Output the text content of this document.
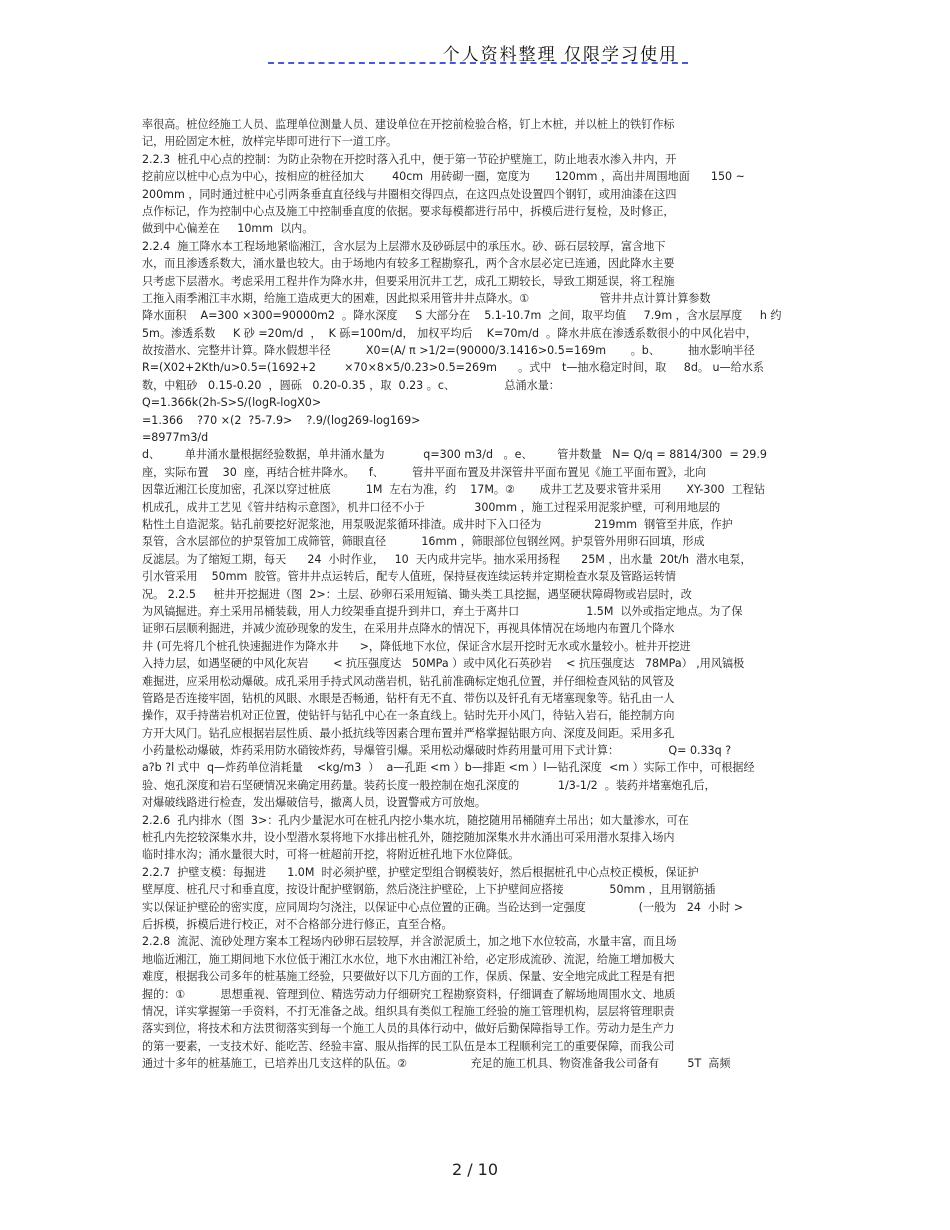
个人资料整理 仅限学习使用
率很高。桩位经施工人员、监理单位测量人员、建设单位在开挖前检验合格，钉上木桩，并以桩上的铁钉作标
记，用砼固定木桩，放样完毕即可进行下一道工序。
2.2.3  桩孔中心点的控制：为防止杂物在开挖时落入孔中，便于第一节砼护壁施工，防止地表水渗入井内，开
挖前应以桩中心点为中心，按相应的桩径加大        40cm  用砖砌一圈，宽度为       120mm ，高出井周围地面      150 ~
200mm ，同时通过桩中心引两条垂直直径线与井圈相交得四点，在这四点处设置四个钢钉，或用油漆在这四
点作标记，作为控制中心点及施工中控制垂直度的依据。要求每模都进行吊中，拆模后进行复检，及时修正，
做到中心偏差在     10mm  以内。
2.2.4  施工降水本工程场地紧临湘江，含水层为上层滞水及砂砾层中的承压水。砂、砾石层较厚，富含地下
水，而且渗透系数大，涌水量也较大。由于场地内有较多工程勘察孔，两个含水层必定已连通，因此降水主要
只考虑下层潜水。考虑采用工程井作为降水井，但要采用沉井工艺，成孔工期较长，导致工期延误，将工程施
工拖入雨季湘江丰水期，给施工造成更大的困难，因此拟采用管井井点降水。①                    管井井点计算计算参数
降水面积    A=300 ×300=90000m2  。降水深度     S 大部分在    5.1-10.7m  之间，取平均值     7.9m ，含水层厚度     h 约
5m。渗透系数     K 砂 =20m/d  ，  K 砾=100m/d， 加权平均后    K=70m/d  。降水井底在渗透系数很小的中风化岩中，
故按潜水、完整井计算。降水假想半径          X0=(A/ π >1/2=(90000/3.1416>0.5=169m       。b、        抽水影响半径
R=(X02+2Kth/u>0.5=(1692+2        ×70×8×5/0.23>0.5=269m      。式中   t—抽水稳定时间，取     8d。 u—给水系
数，中粗砂   0.15-0.20  ，圆砾   0.20-0.35 ，取  0.23 。c、              总涌水量：
Q=1.366k(2h-S>S/(logR-logX0>
=1.366    ?70 ×(2  ?5-7.9>    ?.9/(log269-log169>
=8977m3/d
d、       单井涌水量根据经验数据，单井涌水量为           q=300 m3/d   。e、       管井数量   N= Q/q = 8814/300  = 29.9
座，实际布置    30  座，再结合桩井降水。    f、        管井平面布置及井深管井平面布置见《施工平面布置》，北向
因靠近湘江长度加密，孔深以穿过桩底          1M  左右为准，约    17M。②       成井工艺及要求管井采用       XY-300  工程钻
机成孔，成井工艺见《管井结构示意图》，机井口径不小于              300mm ，施工过程采用泥浆护壁，可利用地层的
粘性土自造泥浆。钻孔前要挖好泥浆池，用泵吸泥浆循环排渣。成井时下入口径为               219mm  钢管至井底，作护
泵管，含水层部位的护泵管加工成筛管，筛眼直径          16mm ，筛眼部位包钢丝网。护泵管外用卵石回填，形成
反滤层。为了缩短工期，每天      24  小时作业，   10  天内成井完毕。抽水采用扬程      25M ，出水量  20t/h  潜水电泵，
引水管采用    50mm  胶管。管井井点运转后，配专人值班，保持昼夜连续运转并定期检查水泵及管路运转情
况。 2.2.5     桩井开挖掘进（图  2>：土层、砂卵石采用短镐、锄头类工具挖掘，遇坚硬状障碍物或岩层时，改
为风镐掘进。弃土采用吊桶装载，用人力绞架垂直提升到井口，弃土于离井口                   1.5M  以外或指定地点。为了保
证卵石层顺利掘进，并减少流砂现象的发生，在采用井点降水的情况下，再视具体情况在场地内布置几个降水
井 (可先将几个桩孔快速掘进作为降水井      >，降低地下水位，保证含水层开挖时无水或水量较小。桩井开挖进
入持力层，如遇坚硬的中风化灰岩       < 抗压强度达   50MPa ）或中风化石英砂岩    < 抗压强度达   78MPa） ,用风镐极
难掘进，应采用松动爆破。成孔采用手持式风动凿岩机，钻孔前准确标定炮孔位置，并仔细检查风钻的风管及
管路是否连接牢固，钻机的风眼、水眼是否畅通，钻杆有无不直、带伤以及钎孔有无堵塞现象等。钻孔由一人
操作，双手持凿岩机对正位置，使钻钎与钻孔中心在一条直线上。钻时先开小风门，待钻入岩石，能控制方向
方开大风门。钻孔应根据岩层性质、最小抵抗线等因素合理布置并严格掌握钻眼方向、深度及间距。采用多孔
小药量松动爆破，炸药采用防水硝铵炸药，导爆管引爆。采用松动爆破时炸药用量可用下式计算：              Q= 0.33q ?
a?b ?l 式中  q—炸药单位消耗量    <kg/m3  ）  a—孔距 <m ）b—排距 <m ）l—钻孔深度  <m ）实际工作中，可根据经
验、炮孔深度和岩石坚硬情况来确定用药量。装药长度一般控制在炮孔深度的           1/3-1/2  。装药并堵塞炮孔后，
对爆破线路进行检查，发出爆破信号，撤离人员，设置警戒方可放炮。
2.2.6  孔内排水（图  3>：孔内少量泥水可在桩孔内挖小集水坑，随挖随用吊桶随弃土吊出；如大量渗水，可在
桩孔内先挖较深集水井，设小型潜水泵将地下水排出桩孔外，随挖随加深集水井水涌出可采用潜水泵排入场内
临时排水沟；涌水量很大时，可将一桩超前开挖，将附近桩孔地下水位降低。
2.2.7  护壁支模：每掘进      1.0M  时必须护壁，护壁定型组合钢模装好，然后根据桩孔中心点校正模板，保证护
壁厚度、桩孔尺寸和垂直度，按设计配护壁钢筋，然后浇注护壁砼，上下护壁间应搭接             50mm ，且用钢筋插
实以保证护壁砼的密实度，应同周均匀浇注，以保证中心点位置的正确。当砼达到一定强度               (一般为   24  小时 >
后拆模，拆模后进行校正，对不合格部分进行修正，直至合格。
2.2.8  流泥、流砂处理方案本工程场内砂卵石层较厚，并含淤泥质土，加之地下水位较高，水量丰富，而且场
地临近湘江，施工期间地下水位低于湘江水水位，地下水由湘江补给，必定形成流砂、流泥，给施工增加极大
难度，根据我公司多年的桩基施工经验，只要做好以下几方面的工作，保质、保量、安全地完成此工程是有把
握的：①          思想重视、管理到位、精选劳动力仔细研究工程勘察资料，仔细调查了解场地周围水文、地质
情况，详实掌握第一手资料，不打无准备之战。组织具有类似工程施工经验的施工管理机构，层层将管理职责
落实到位，将技术和方法贯彻落实到每一个施工人员的具体行动中，做好后勤保障指导工作。劳动力是生产力
的第一要素，一支技术好、能吃苦、经验丰富、服从指挥的民工队伍是本工程顺利完工的重要保障，而我公司
通过十多年的桩基施工，已培养出几支这样的队伍。②                  充足的施工机具、物资准备我公司备有        5T  高频
2 / 10
